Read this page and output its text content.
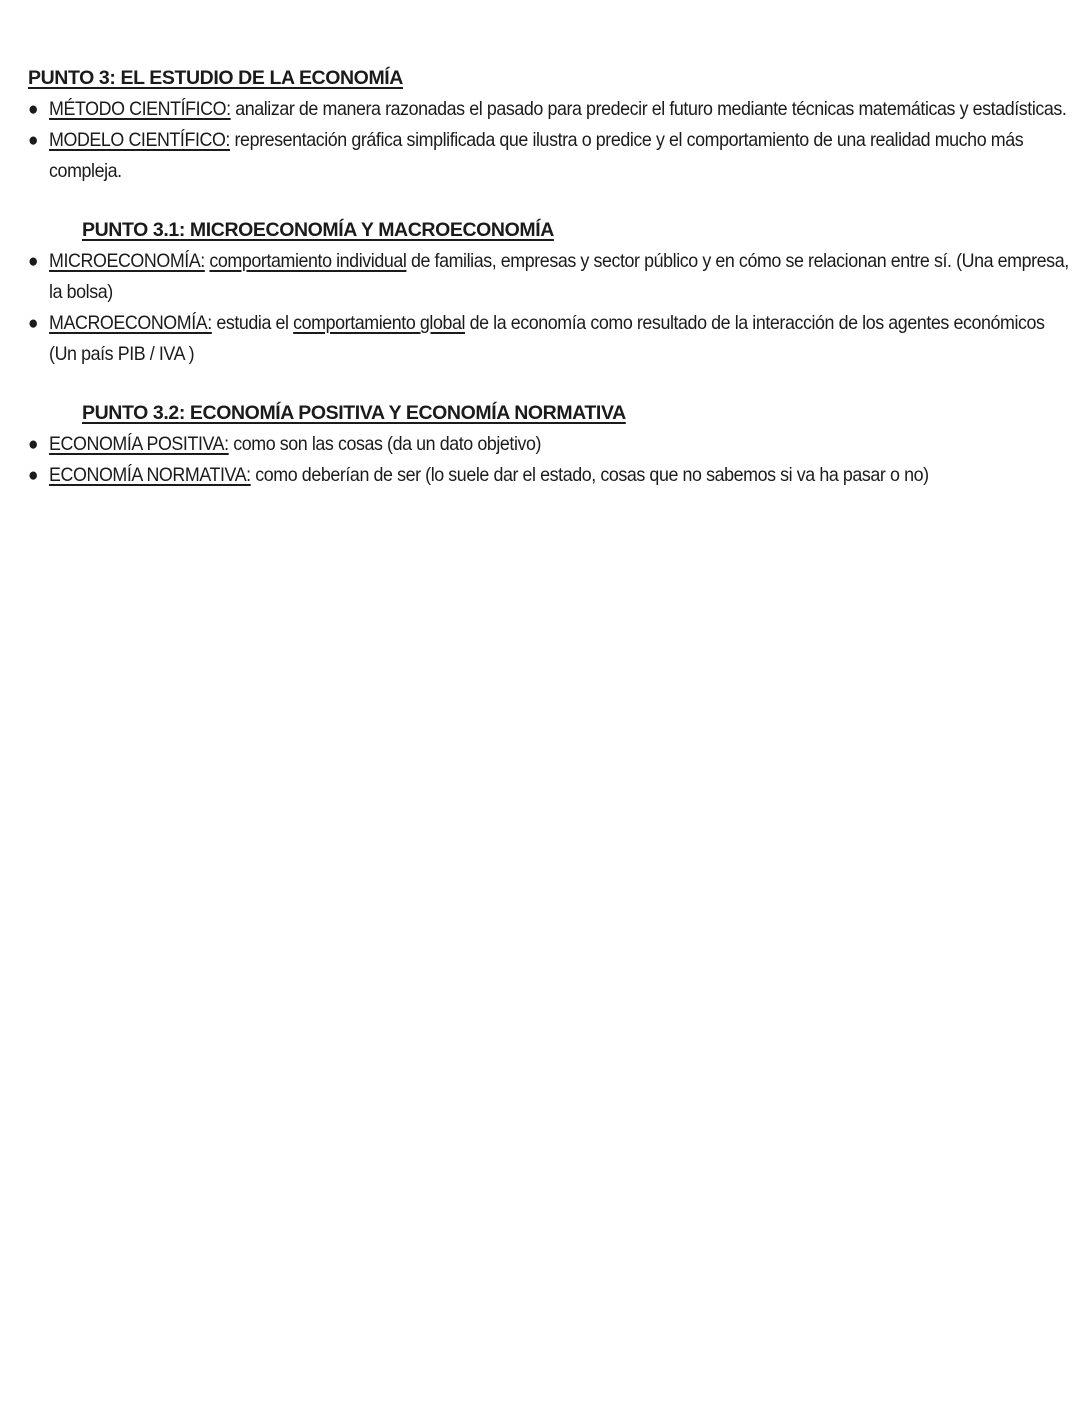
PUNTO 3: EL ESTUDIO DE LA ECONOMÍA
● MÉTODO CIENTÍFICO: analizar de manera razonadas el pasado para predecir el futuro mediante técnicas matemáticas y estadísticas.
● MODELO CIENTÍFICO: representación gráfica simplificada que ilustra o predice y el comportamiento de una realidad mucho más compleja.
PUNTO 3.1: MICROECONOMÍA Y MACROECONOMÍA
● MICROECONOMÍA: comportamiento individual de familias, empresas y sector público y en cómo se relacionan entre sí. (Una empresa, la bolsa)
● MACROECONOMÍA: estudia el comportamiento global de la economía como resultado de la interacción de los agentes económicos (Un país PIB / IVA )
PUNTO 3.2: ECONOMÍA POSITIVA Y ECONOMÍA NORMATIVA
● ECONOMÍA POSITIVA: como son las cosas (da un dato objetivo)
● ECONOMÍA NORMATIVA: como deberían de ser (lo suele dar el estado, cosas que no sabemos si va ha pasar o no)
